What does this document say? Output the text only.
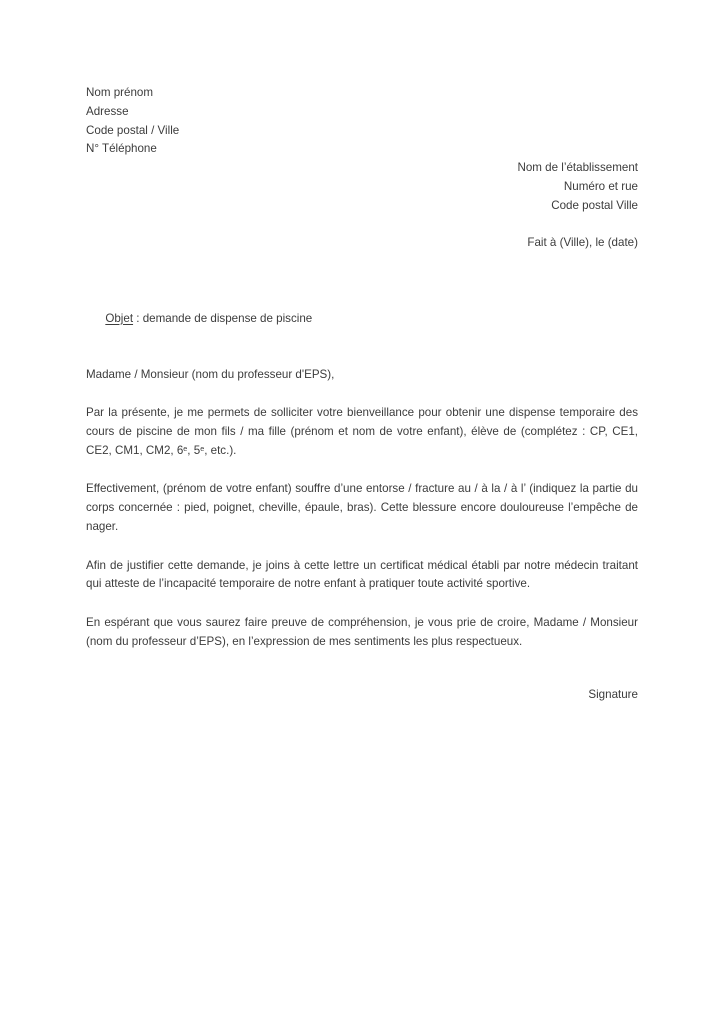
Nom prénom
Adresse
Code postal / Ville
N° Téléphone
Nom de l’établissement
Numéro et rue
Code postal Ville
Fait à (Ville), le (date)

Objet : demande de dispense de piscine

Madame / Monsieur (nom du professeur d'EPS),

Par la présente, je me permets de solliciter votre bienveillance pour obtenir une dispense temporaire des cours de piscine de mon fils / ma fille (prénom et nom de votre enfant), élève de (complétez : CP, CE1, CE2, CM1, CM2, 6e, 5e, etc.).

Effectivement, (prénom de votre enfant) souffre d’une entorse / fracture au / à la / à l’ (indiquez la partie du corps concernée : pied, poignet, cheville, épaule, bras). Cette blessure encore douloureuse l’empêche de nager.

Afin de justifier cette demande, je joins à cette lettre un certificat médical établi par notre médecin traitant qui atteste de l’incapacité temporaire de notre enfant à pratiquer toute activité sportive.

En espérant que vous saurez faire preuve de compréhension, je vous prie de croire, Madame / Monsieur (nom du professeur d’EPS), en l’expression de mes sentiments les plus respectueux.

Signature
